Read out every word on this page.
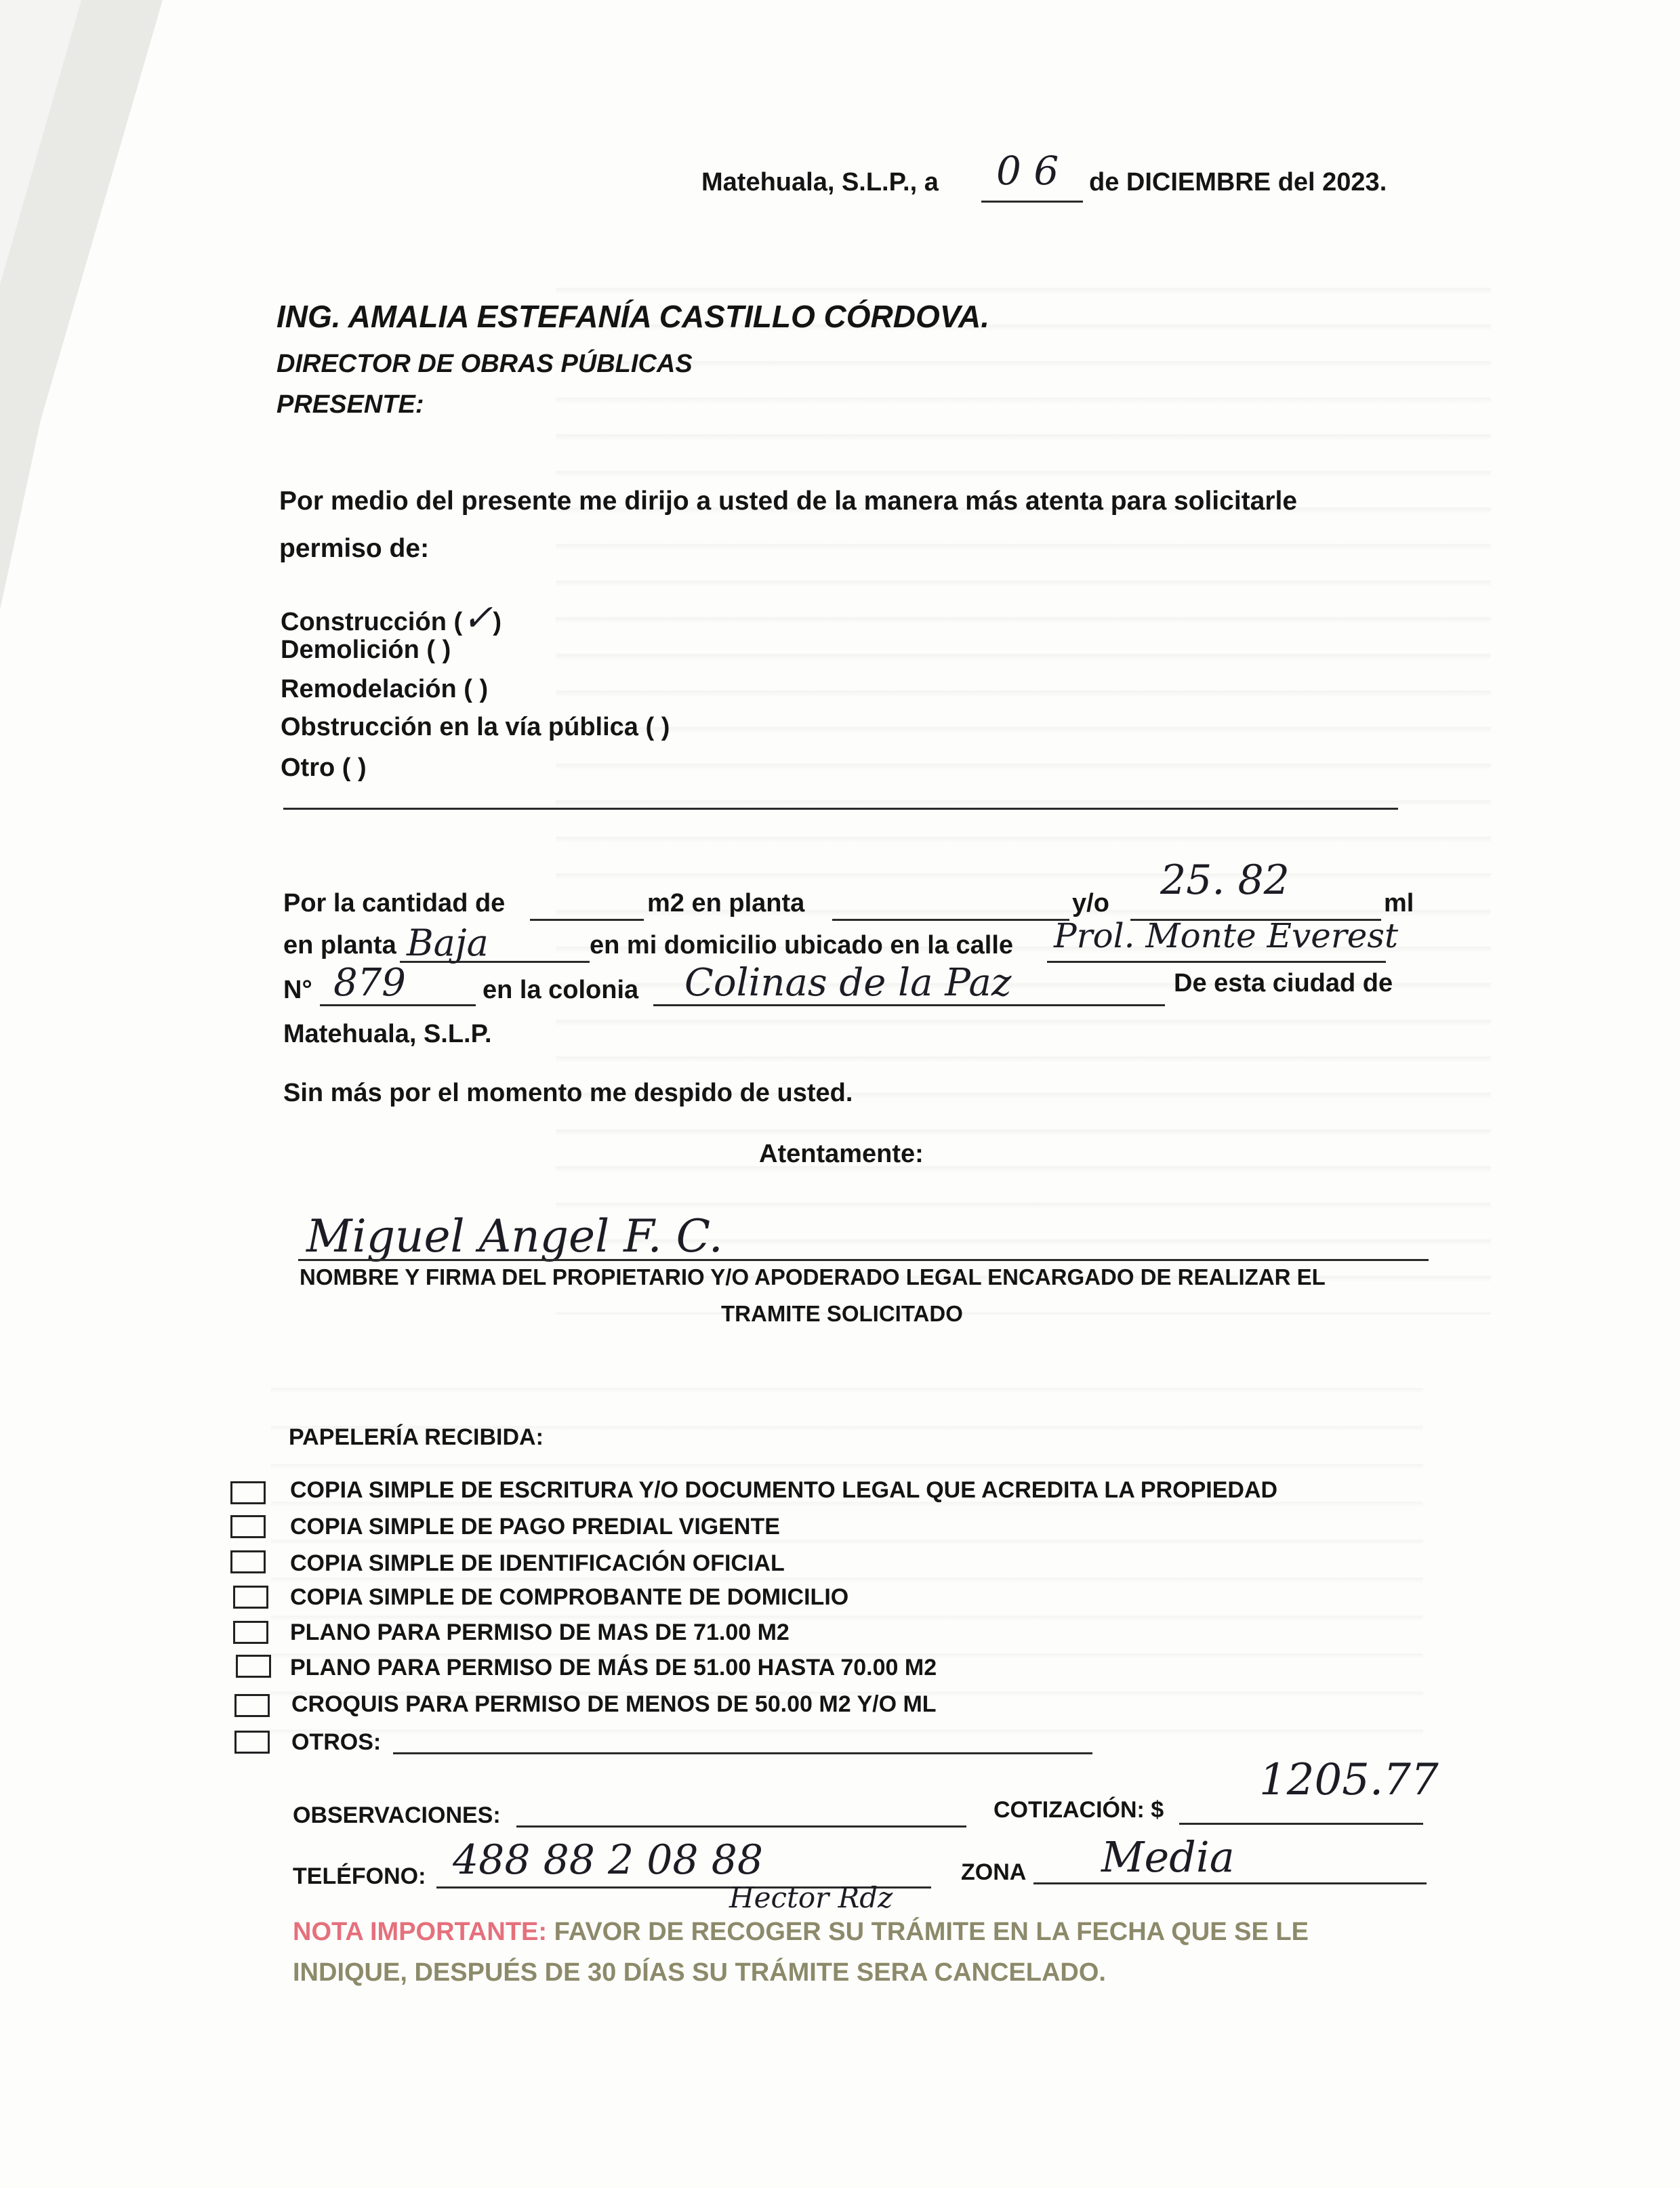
Matehuala, S.L.P., a 0 6 de DICIEMBRE del 2023.
ING. AMALIA ESTEFANÍA CASTILLO CÓRDOVA.
DIRECTOR DE OBRAS PÚBLICAS
PRESENTE:
Por medio del presente me dirijo a usted de la manera más atenta para solicitarle
permiso de:
Construcción (✓)
Demolición ( )
Remodelación ( )
Obstrucción en la vía pública ( )
Otro ( )
Por la cantidad de	m2 en planta	y/o 25. 82	ml
en planta Baja	en mi domicilio ubicado en la calle Prol. Monte Everest
N° 879	en la colonia Colinas de la Paz	De esta ciudad de
Matehuala, S.L.P.
Sin más por el momento me despido de usted.
Atentamente:
Miguel Angel F. C.
NOMBRE Y FIRMA DEL PROPIETARIO Y/O APODERADO LEGAL ENCARGADO DE REALIZAR EL
TRAMITE SOLICITADO
PAPELERÍA RECIBIDA:
COPIA SIMPLE DE ESCRITURA Y/O DOCUMENTO LEGAL QUE ACREDITA LA PROPIEDAD
COPIA SIMPLE DE PAGO PREDIAL VIGENTE
COPIA SIMPLE DE IDENTIFICACIÓN OFICIAL
COPIA SIMPLE DE COMPROBANTE DE DOMICILIO
PLANO PARA PERMISO DE MAS DE 71.00 M2
PLANO PARA PERMISO DE MÁS DE 51.00 HASTA 70.00 M2
CROQUIS PARA PERMISO DE MENOS DE 50.00 M2 Y/O ML
OTROS:
OBSERVACIONES:	COTIZACIÓN: $
1205.77
TELÉFONO: 488 88 2 08 88
Hector Rdz
ZONA Media
NOTA IMPORTANTE: FAVOR DE RECOGER SU TRÁMITE EN LA FECHA QUE SE LE
INDIQUE, DESPUÉS DE 30 DÍAS SU TRÁMITE SERA CANCELADO.
